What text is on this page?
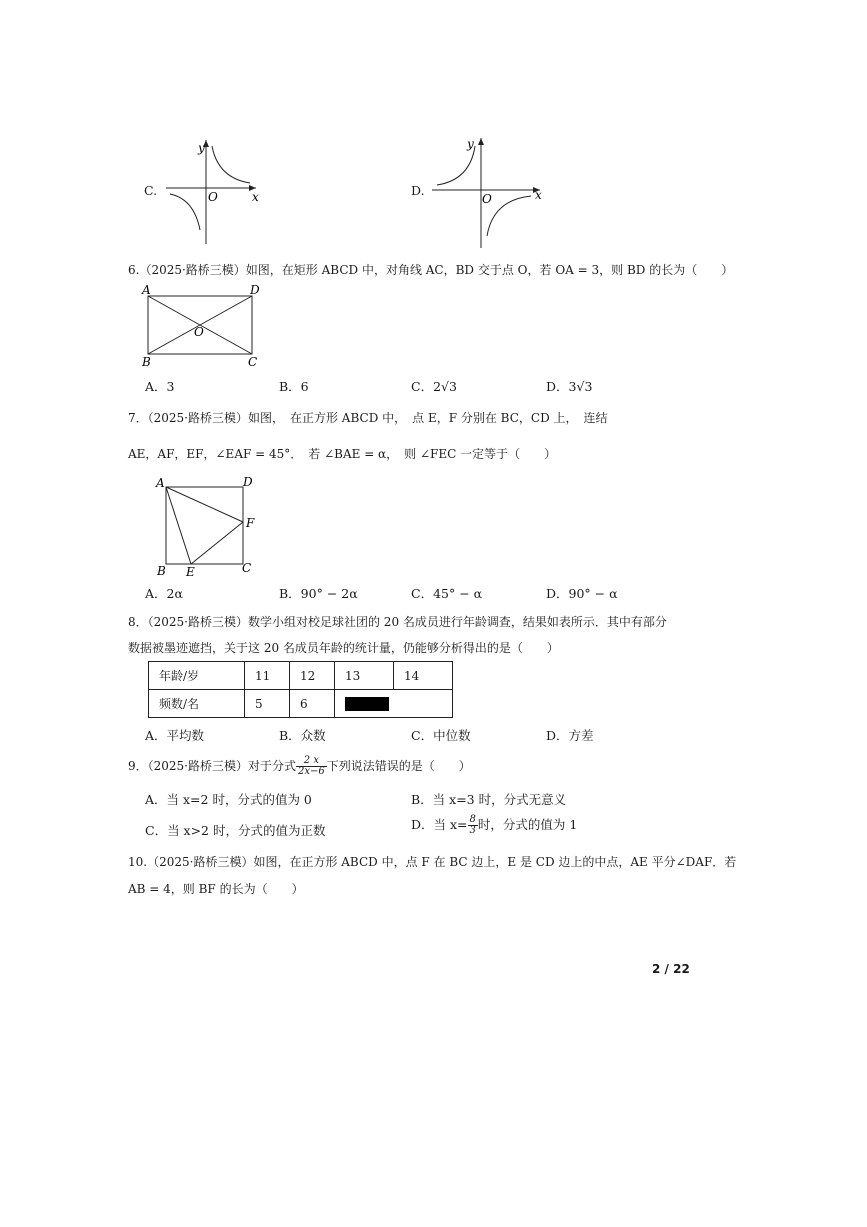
C.
y
x
O
y
x
O
D.
6.（2025·路桥三模）如图，在矩形 ABCD 中，对角线 AC，BD 交于点 O，若 OA = 3，则 BD 的长为（　　）
A	D
B	C
O
A．3	B．6	C．2√3	D．3√3
7．（2025·路桥三模）如图，　在正方形 ABCD 中，　点 E，F 分别在 BC，CD 上，　连结
AE，AF，EF，∠EAF = 45°．　若 ∠BAE = α，　则 ∠FEC 一定等于（　　）
A	D
F
B E	C
A．2α	B．90° − 2α	C．45° − α	D．90° − α
8．（2025·路桥三模）数学小组对校足球社团的 20 名成员进行年龄调查，结果如表所示．其中有部分
数据被墨迹遮挡，关于这 20 名成员年龄的统计量，仍能够分析得出的是（　　）
年龄/岁	11	12	13	14
频数/名	5	6		
A．平均数	B．众数	C．中位数	D．方差
9．（2025·路桥三模）对于分式 $\frac{2 x}{2x-6}$ 下列说法错误的是（　　）
A．当 x=2 时，分式的值为 0	B．当 x=3 时，分式无意义
C．当 x>2 时，分式的值为正数	D．当 $x= \frac{8}{3}$ 时，分式的值为 1
10.（2025·路桥三模）如图，在正方形 ABCD 中，点 F 在 BC 边上，E 是 CD 边上的中点，AE 平分∠DAF．若
AB = 4，则 BF 的长为（　　）
2 / 22
